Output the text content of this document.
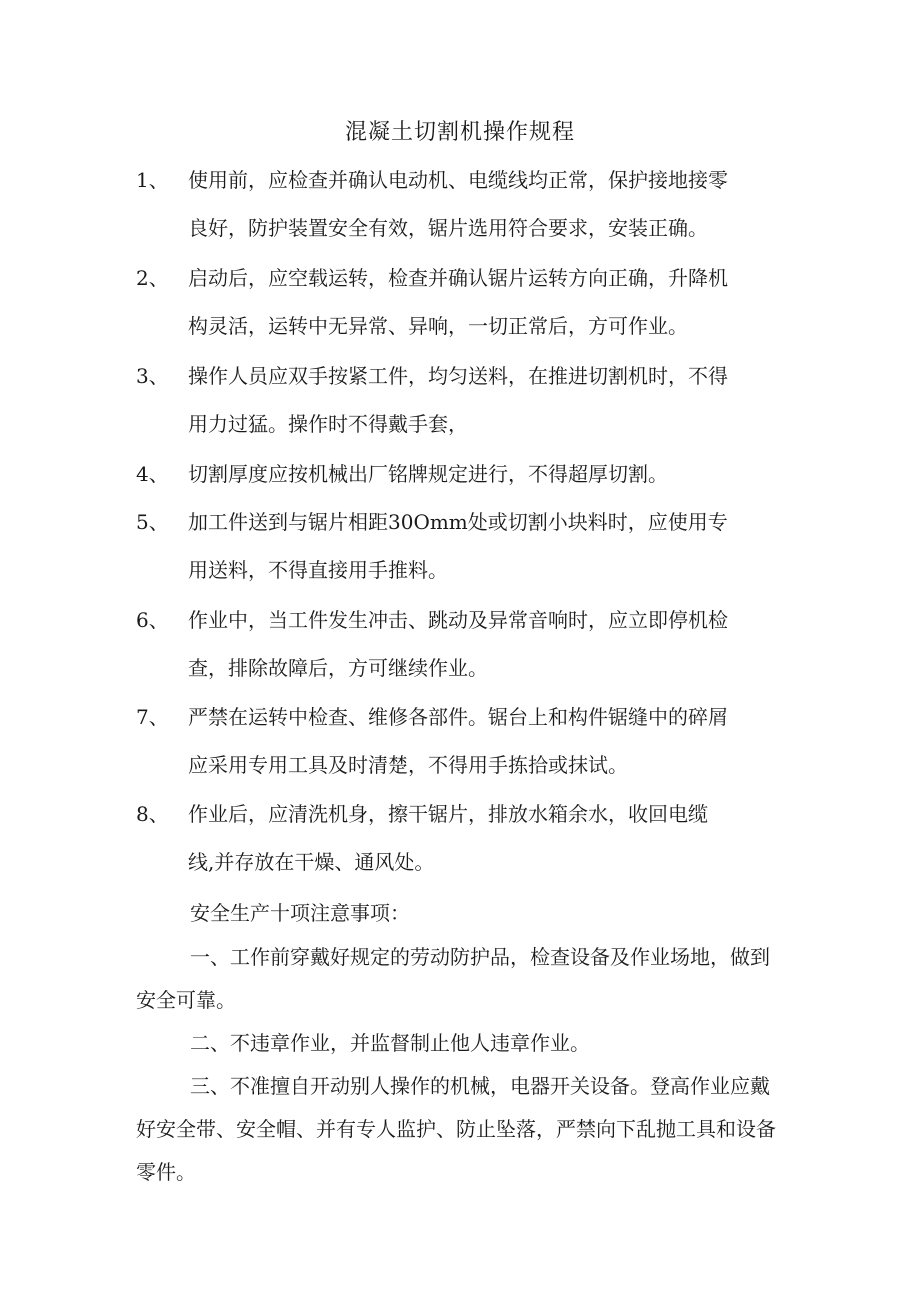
混凝土切割机操作规程
1、 使用前，应检查并确认电动机、电缆线均正常，保护接地接零
良好，防护装置安全有效，锯片选用符合要求，安装正确。
2、 启动后，应空载运转，检查并确认锯片运转方向正确，升降机
构灵活，运转中无异常、异响，一切正常后，方可作业。
3、 操作人员应双手按紧工件，均匀送料，在推进切割机时，不得
用力过猛。操作时不得戴手套，
4、 切割厚度应按机械出厂铭牌规定进行，不得超厚切割。
5、 加工件送到与锯片相距30Omm处或切割小块料时，应使用专
用送料，不得直接用手推料。
6、 作业中，当工件发生冲击、跳动及异常音响时，应立即停机检
查，排除故障后，方可继续作业。
7、 严禁在运转中检查、维修各部件。锯台上和构件锯缝中的碎屑
应采用专用工具及时清楚，不得用手拣拾或抹试。
8、 作业后，应清洗机身，擦干锯片，排放水箱余水，收回电缆
线,并存放在干燥、通风处。
安全生产十项注意事项：
一、工作前穿戴好规定的劳动防护品，检查设备及作业场地，做到安全可靠。
二、不违章作业，并监督制止他人违章作业。
三、不准擅自开动别人操作的机械，电器开关设备。登高作业应戴好安全带、安全帽、并有专人监护、防止坠落，严禁向下乱抛工具和设备零件。
